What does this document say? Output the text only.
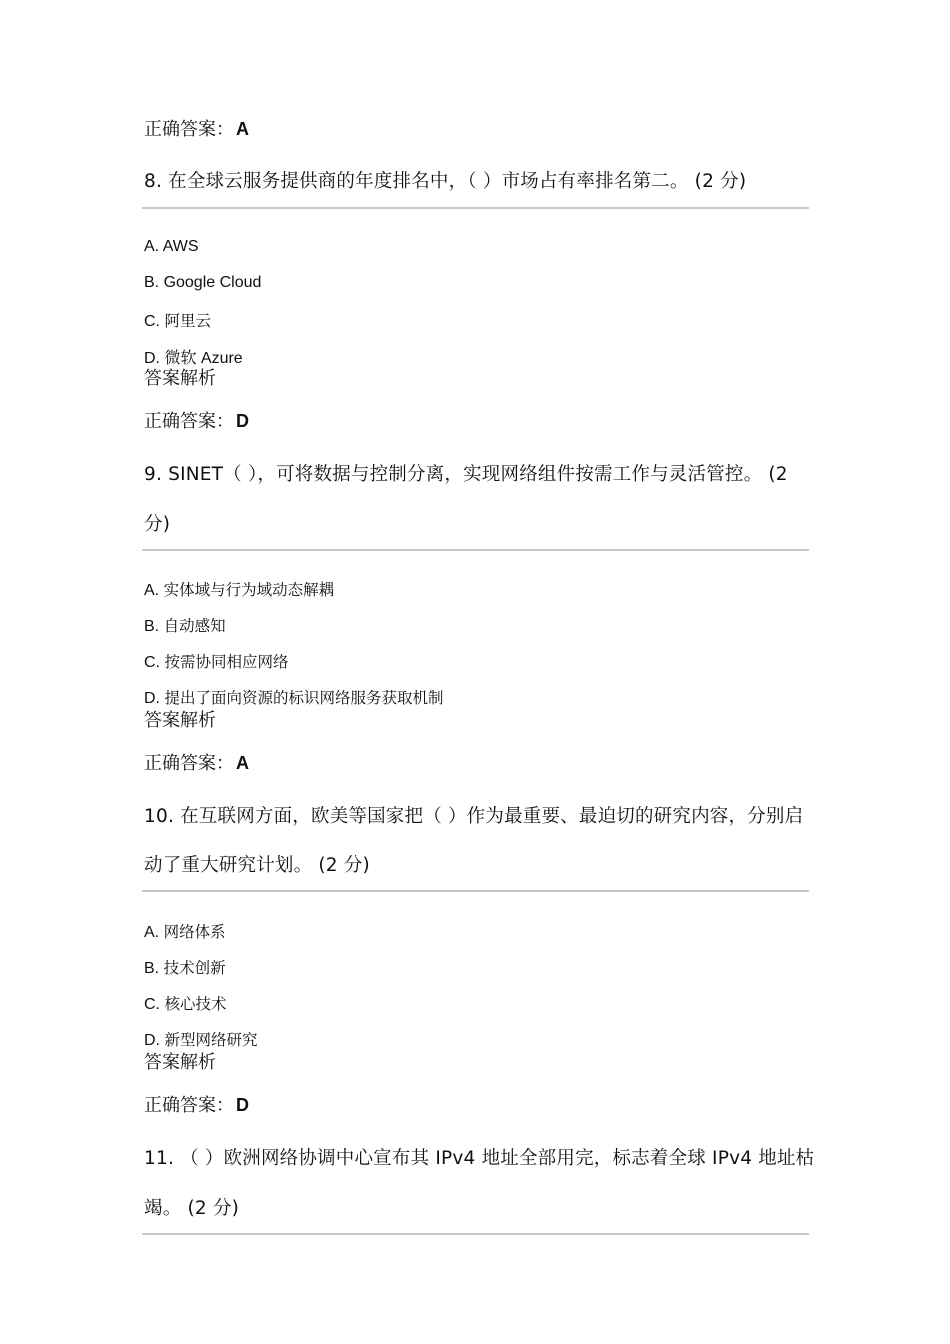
正确答案： A
8. 在全球云服务提供商的年度排名中，（ ）市场占有率排名第二。 (2 分)
A. AWS
B. Google Cloud
C. 阿里云
D. 微软 Azure
答案解析
正确答案： D
9. SINET（ ），可将数据与控制分离，实现网络组件按需工作与灵活管控。 (2
分)
A. 实体域与行为域动态解耦
B. 自动感知
C. 按需协同相应网络
D. 提出了面向资源的标识网络服务获取机制
答案解析
正确答案： A
10. 在互联网方面，欧美等国家把（ ）作为最重要、最迫切的研究内容，分别启
动了重大研究计划。 (2 分)
A. 网络体系
B. 技术创新
C. 核心技术
D. 新型网络研究
答案解析
正确答案： D
11. （ ）欧洲网络协调中心宣布其 IPv4 地址全部用完，标志着全球 IPv4 地址枯
竭。 (2 分)
